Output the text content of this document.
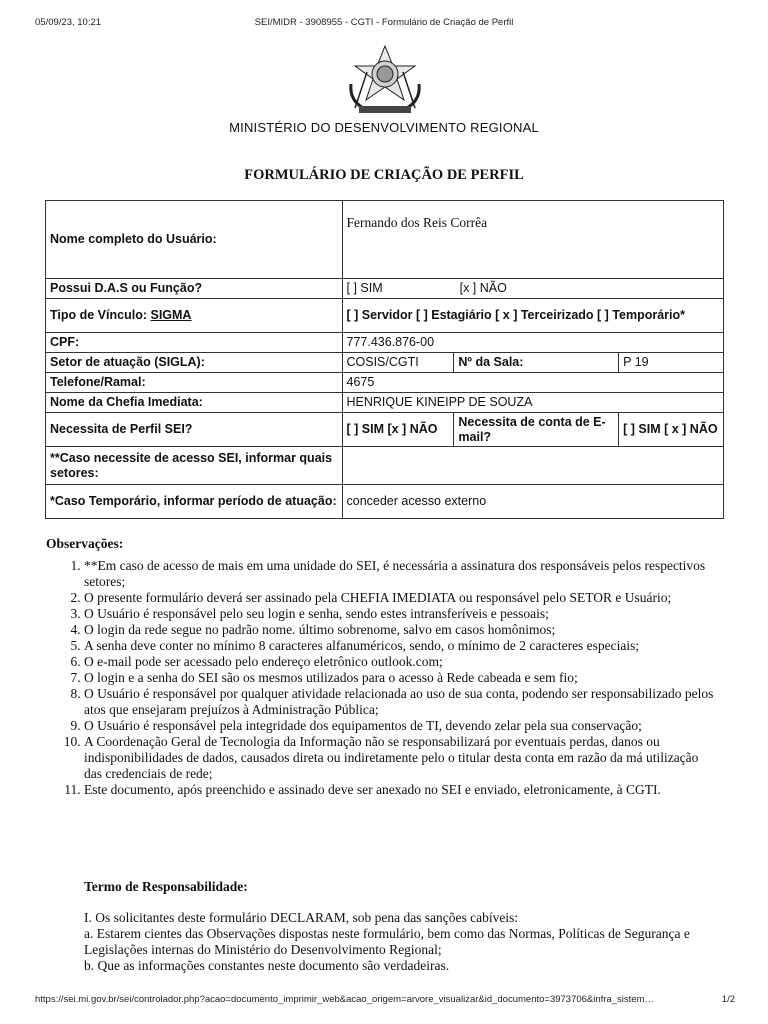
05/09/23, 10:21	SEI/MIDR - 3908955 - CGTI - Formulário de Criação de Perfil
MINISTÉRIO DO DESENVOLVIMENTO REGIONAL
FORMULÁRIO DE CRIAÇÃO DE PERFIL
Nome completo do Usuário:	Fernando dos Reis Corrêa		
Possui D.A.S ou Função?	[ ] SIM [x ] NÃO		
Tipo de Vínculo: SIGMA	[ ] Servidor [ ] Estagiário [ x ] Terceirizado [ ] Temporário*		
CPF:	777.436.876-00		
Setor de atuação (SIGLA):	COSIS/CGTI	Nº da Sala:	P 19
Telefone/Ramal:	4675		
Nome da Chefia Imediata:	HENRIQUE KINEIPP DE SOUZA		
Necessita de Perfil SEI?	[ ] SIM [x ] NÃO	Necessita de conta de E-mail?	[ ] SIM [ x ] NÃO
**Caso necessite de acesso SEI, informar quais setores:			
*Caso Temporário, informar período de atuação:	conceder acesso externo		
Observações:
1. **Em caso de acesso de mais em uma unidade do SEI, é necessária a assinatura dos responsáveis pelos respectivos setores;
2. O presente formulário deverá ser assinado pela CHEFIA IMEDIATA ou responsável pelo SETOR e Usuário;
3. O Usuário é responsável pelo seu login e senha, sendo estes intransferíveis e pessoais;
4. O login da rede segue no padrão nome. último sobrenome, salvo em casos homônimos;
5. A senha deve conter no mínimo 8 caracteres alfanuméricos, sendo, o mínimo de 2 caracteres especiais;
6. O e-mail pode ser acessado pelo endereço eletrônico outlook.com;
7. O login e a senha do SEI são os mesmos utilizados para o acesso à Rede cabeada e sem fio;
8. O Usuário é responsável por qualquer atividade relacionada ao uso de sua conta, podendo ser responsabilizado pelos atos que ensejaram prejuízos à Administração Pública;
9. O Usuário é responsável pela integridade dos equipamentos de TI, devendo zelar pela sua conservação;
10. A Coordenação Geral de Tecnologia da Informação não se responsabilizará por eventuais perdas, danos ou indisponibilidades de dados, causados direta ou indiretamente pelo o titular desta conta em razão da má utilização das credenciais de rede;
11. Este documento, após preenchido e assinado deve ser anexado no SEI e enviado, eletronicamente, à CGTI.
Termo de Responsabilidade:
I. Os solicitantes deste formulário DECLARAM, sob pena das sanções cabíveis:
a. Estarem cientes das Observações dispostas neste formulário, bem como das Normas, Políticas de Segurança e Legislações internas do Ministério do Desenvolvimento Regional;
b. Que as informações constantes neste documento são verdadeiras.
https://sei.mi.gov.br/sei/controlador.php?acao=documento_imprimir_web&acao_origem=arvore_visualizar&id_documento=3973706&infra_sistem…	1/2
